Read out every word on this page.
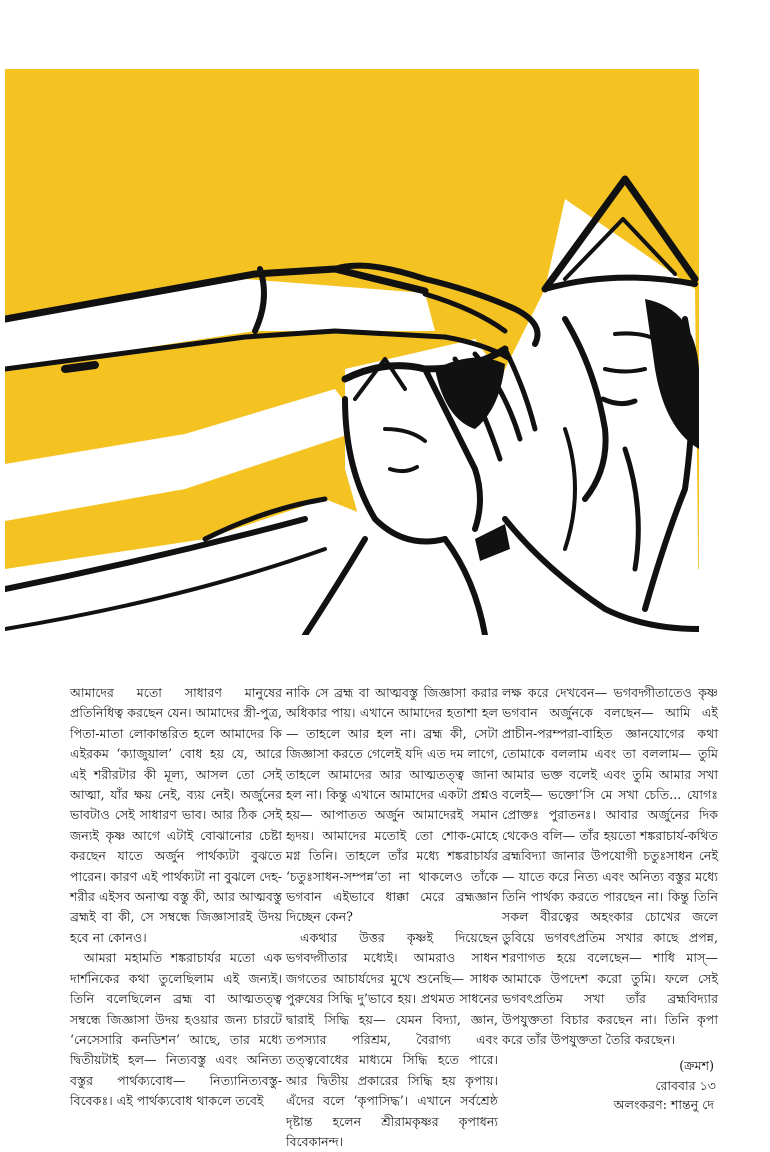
আমাদের মতো সাধারণ মানুষের প্রতিনিধিত্ব করছেন যেন। আমাদের স্ত্রী-পুত্র, পিতা-মাতা লোকান্তরিত হলে আমাদের কি এইরকম ‘ক্যাজুয়াল’ বোধ হয় যে, আরে এই শরীরটার কী মূল্য, আসল তো সেই আত্মা, যাঁর ক্ষয় নেই, ব্যয় নেই। অর্জুনের ভাবটাও সেই সাধারণ ভাব। আর ঠিক সেই জন্যই কৃষ্ণ আগে এটাই বোঝানোর চেষ্টা করছেন যাতে অর্জুন পার্থক্যটা বুঝতে পারেন। কারণ এই পার্থক্যটা না বুঝলে দেহ-শরীর এইসব অনাত্ম বস্তু কী, আর আত্মবস্তু ব্রহ্মই বা কী, সে সম্বন্ধে জিজ্ঞাসারই উদয় হবে না কোনও।

আমরা মহামতি শঙ্করাচার্যর মতো এক দার্শনিকের কথা তুলেছিলাম এই জন্যই। তিনি বলেছিলেন ব্রহ্ম বা আত্মতত্ত্ব সম্বন্ধে জিজ্ঞাসা উদয় হওয়ার জন্য চারটে ‘নেসেসারি কনডিশন’ আছে, তার মধ্যে দ্বিতীয়টাই হল— নিত্যবস্তু এবং অনিত্য বস্তুর পার্থক্যবোধ— নিত্যানিত্যবস্তু-বিবেকঃ। এই পার্থক্যবোধ থাকলে তবেই

নাকি সে ব্রহ্ম বা আত্মবস্তু জিজ্ঞাসা করার অধিকার পায়। এখানে আমাদের হতাশা হল— তাহলে আর হল না। ব্রহ্ম কী, সেটা জিজ্ঞাসা করতে গেলেই যদি এত দম লাগে, তাহলে আমাদের আর আত্মতত্ত্ব জানা হল না। কিন্তু এখানে আমাদের একটা প্রশ্নও হয়— আপাতত অর্জুন আমাদেরই সমান হৃদয়। আমাদের মতোই তো শোক-মোহে মগ্ন তিনি। তাহলে তাঁর মধ্যে শঙ্করাচার্যর ‘চতুঃসাধন-সম্পন্ন’তা না থাকলেও তাঁকে ভগবান এইভাবে ধাক্কা মেরে ব্রহ্মজ্ঞান দিচ্ছেন কেন?

একথার উত্তর কৃষ্ণই দিয়েছেন ভগবদ্গীতার মধ্যেই। আমরাও সাধন জগতের আচার্যদের মুখে শুনেছি— সাধক পুরুষের সিদ্ধি দু’ভাবে হয়। প্রথমত সাধনের দ্বারাই সিদ্ধি হয়— যেমন বিদ্যা, জ্ঞান, তপস্যার পরিশ্রম, বৈরাগ্য এবং তত্ত্ববোধের মাধ্যমে সিদ্ধি হতে পারে। আর দ্বিতীয় প্রকারের সিদ্ধি হয় কৃপায়। এঁদের বলে ‘কৃপাসিদ্ধ’। এখানে সর্বশ্রেষ্ঠ দৃষ্টান্ত হলেন শ্রীরামকৃষ্ণর কৃপাধন্য বিবেকানন্দ।

লক্ষ করে দেখবেন— ভগবদ্গীতাতেও কৃষ্ণ ভগবান অর্জুনকে বলছেন— আমি এই প্রাচীন-পরম্পরা-বাহিত জ্ঞানযোগের কথা তোমাকে বললাম এবং তা বললাম— তুমি আমার ভক্ত বলেই এবং তুমি আমার সখা বলেই— ভক্তো’সি মে সখা চেতি... যোগঃ প্রোক্তঃ পুরাতনঃ। আবার অর্জুনের দিক থেকেও বলি— তাঁর হয়তো শঙ্করাচার্য-কথিত ব্রহ্মবিদ্যা জানার উপযোগী চতুঃসাধন নেই— যাতে করে নিত্য এবং অনিত্য বস্তুর মধ্যে তিনি পার্থক্য করতে পারছেন না। কিন্তু তিনি সকল বীরত্বের অহংকার চোখের জলে ডুবিয়ে ভগবৎপ্রতিম সখার কাছে প্রপন্ন, শরণাগত হয়ে বলেছেন— শাধি মাস্— আমাকে উপদেশ করো তুমি। ফলে সেই ভগবৎপ্রতিম সখা তাঁর ব্রহ্মবিদ্যার উপযুক্ততা বিচার করছেন না। তিনি কৃপা করে তাঁর উপযুক্ততা তৈরি করছেন।

(ক্রমশ)

অলংকরণ: শান্তনু দে

রোববার ১৩
